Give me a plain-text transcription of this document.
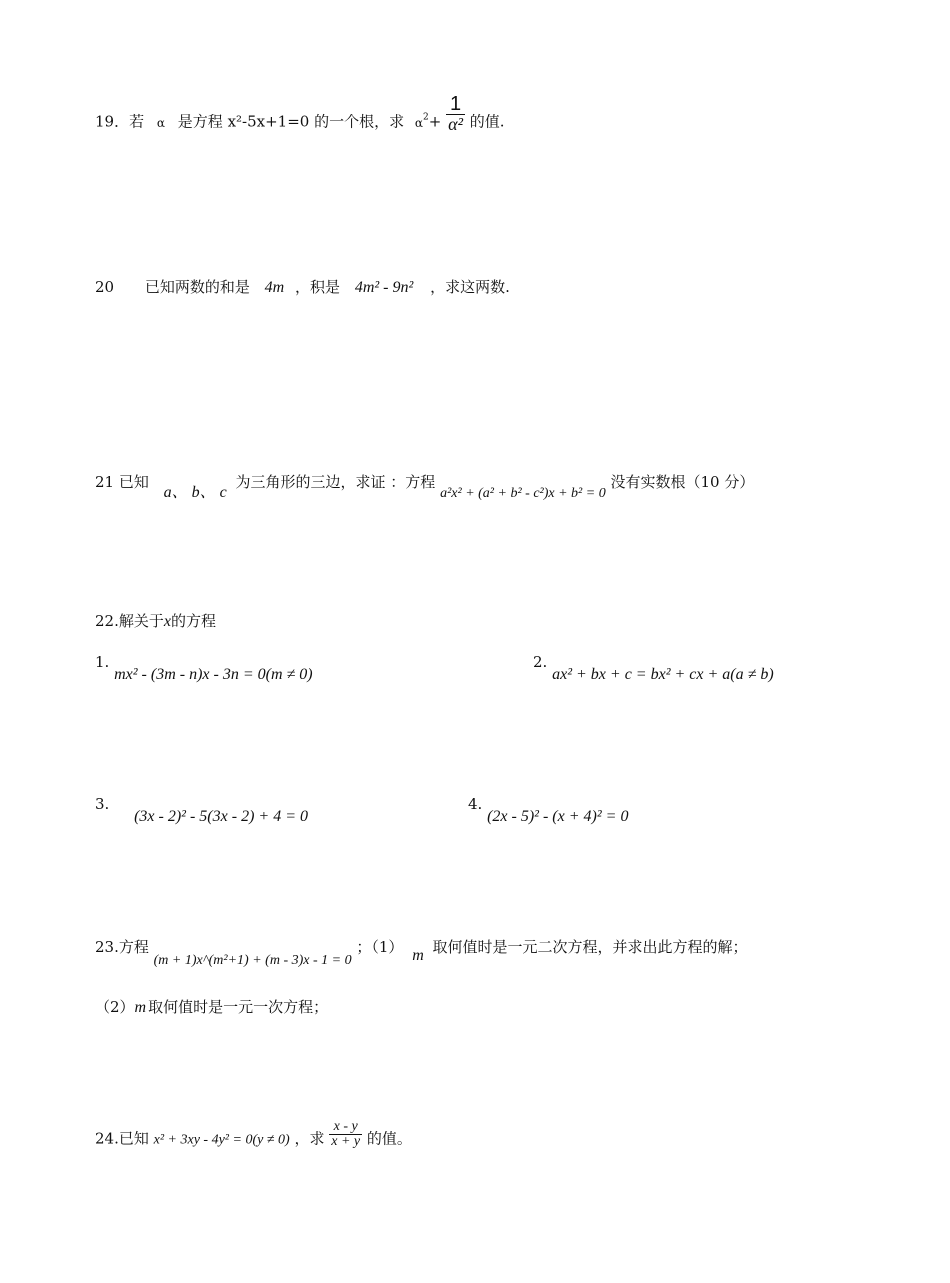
19．若 α 是方程 x²-5x+1=0 的一个根，求 $\alpha^2+ \frac{1}{\text{α²}}$ 的值.
20 已知两数的和是 4m ，积是 4m² - 9n² ，求这两数.
21 已知 a、 b、 c 为三角形的三边，求证 ：方程 a²x² + (a² + b² - c²)x + b² = 0 没有实数根（10 分）
22.解关于x的方程
1. mx² - (3m - n)x - 3n = 0(m ≠ 0)
2. ax² + bx + c = bx² + cx + a(a ≠ b)
3. (3x - 2)² - 5(3x - 2) + 4 = 0
4. (2x - 5)² - (x + 4)² = 0
23.方程 (m + 1)x^(m²+1) + (m - 3)x - 1 = 0 ；（1） m 取何值时是一元二次方程，并求出此方程的解；
（2）m 取何值时是一元一次方程；
24.已知 x² + 3xy - 4y² = 0(y ≠ 0) ，求 $\frac{x - y}{x + y}$ 的值。
